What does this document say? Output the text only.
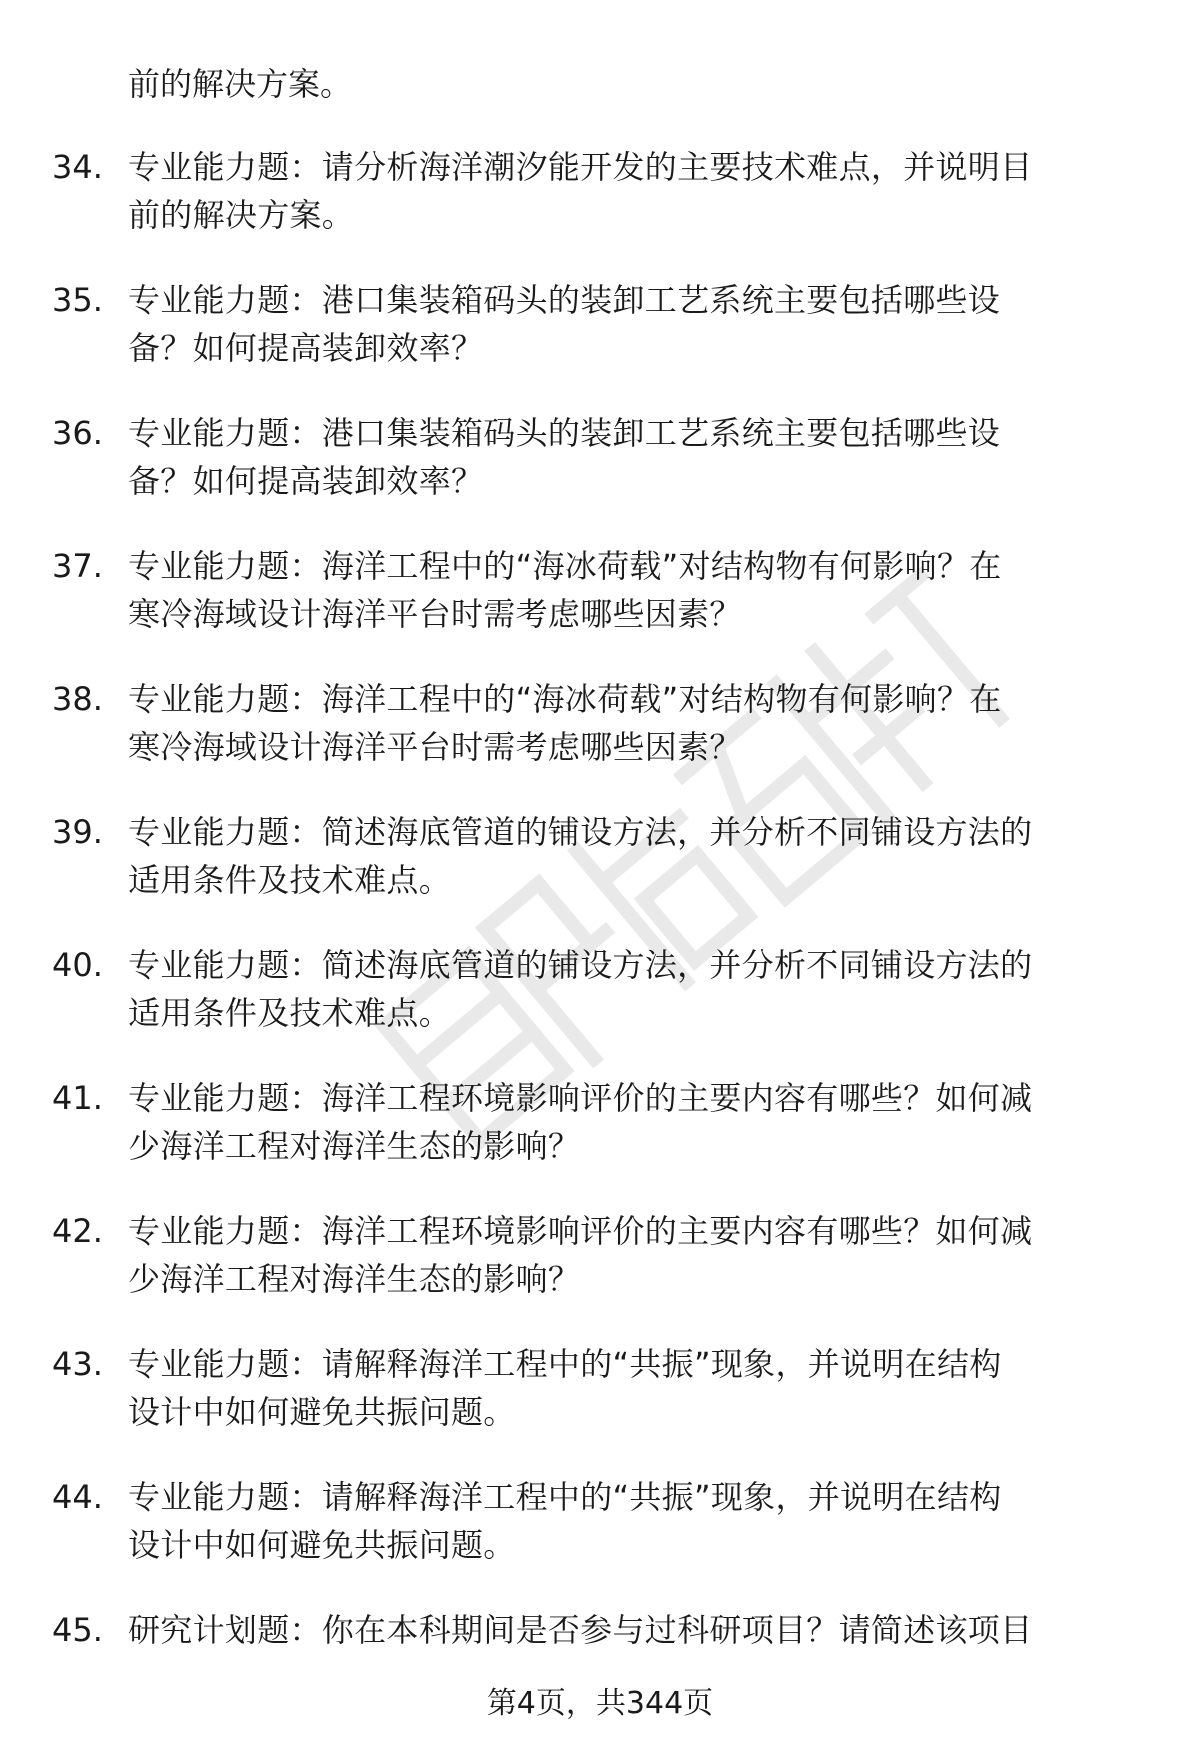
前的解决方案。

34. 专业能力题：请分析海洋潮汐能开发的主要技术难点，并说明目
前的解决方案。
35. 专业能力题：港口集装箱码头的装卸工艺系统主要包括哪些设
备？如何提高装卸效率？
36. 专业能力题：港口集装箱码头的装卸工艺系统主要包括哪些设
备？如何提高装卸效率？
37. 专业能力题：海洋工程中的“海冰荷载”对结构物有何影响？在
寒冷海域设计海洋平台时需考虑哪些因素？
38. 专业能力题：海洋工程中的“海冰荷载”对结构物有何影响？在
寒冷海域设计海洋平台时需考虑哪些因素？
39. 专业能力题：简述海底管道的铺设方法，并分析不同铺设方法的
适用条件及技术难点。
40. 专业能力题：简述海底管道的铺设方法，并分析不同铺设方法的
适用条件及技术难点。
41. 专业能力题：海洋工程环境影响评价的主要内容有哪些？如何减
少海洋工程对海洋生态的影响？
42. 专业能力题：海洋工程环境影响评价的主要内容有哪些？如何减
少海洋工程对海洋生态的影响？
43. 专业能力题：请解释海洋工程中的“共振”现象，并说明在结构
设计中如何避免共振问题。
44. 专业能力题：请解释海洋工程中的“共振”现象，并说明在结构
设计中如何避免共振问题。
45. 研究计划题：你在本科期间是否参与过科研项目？请简述该项目
第4页，共344页
